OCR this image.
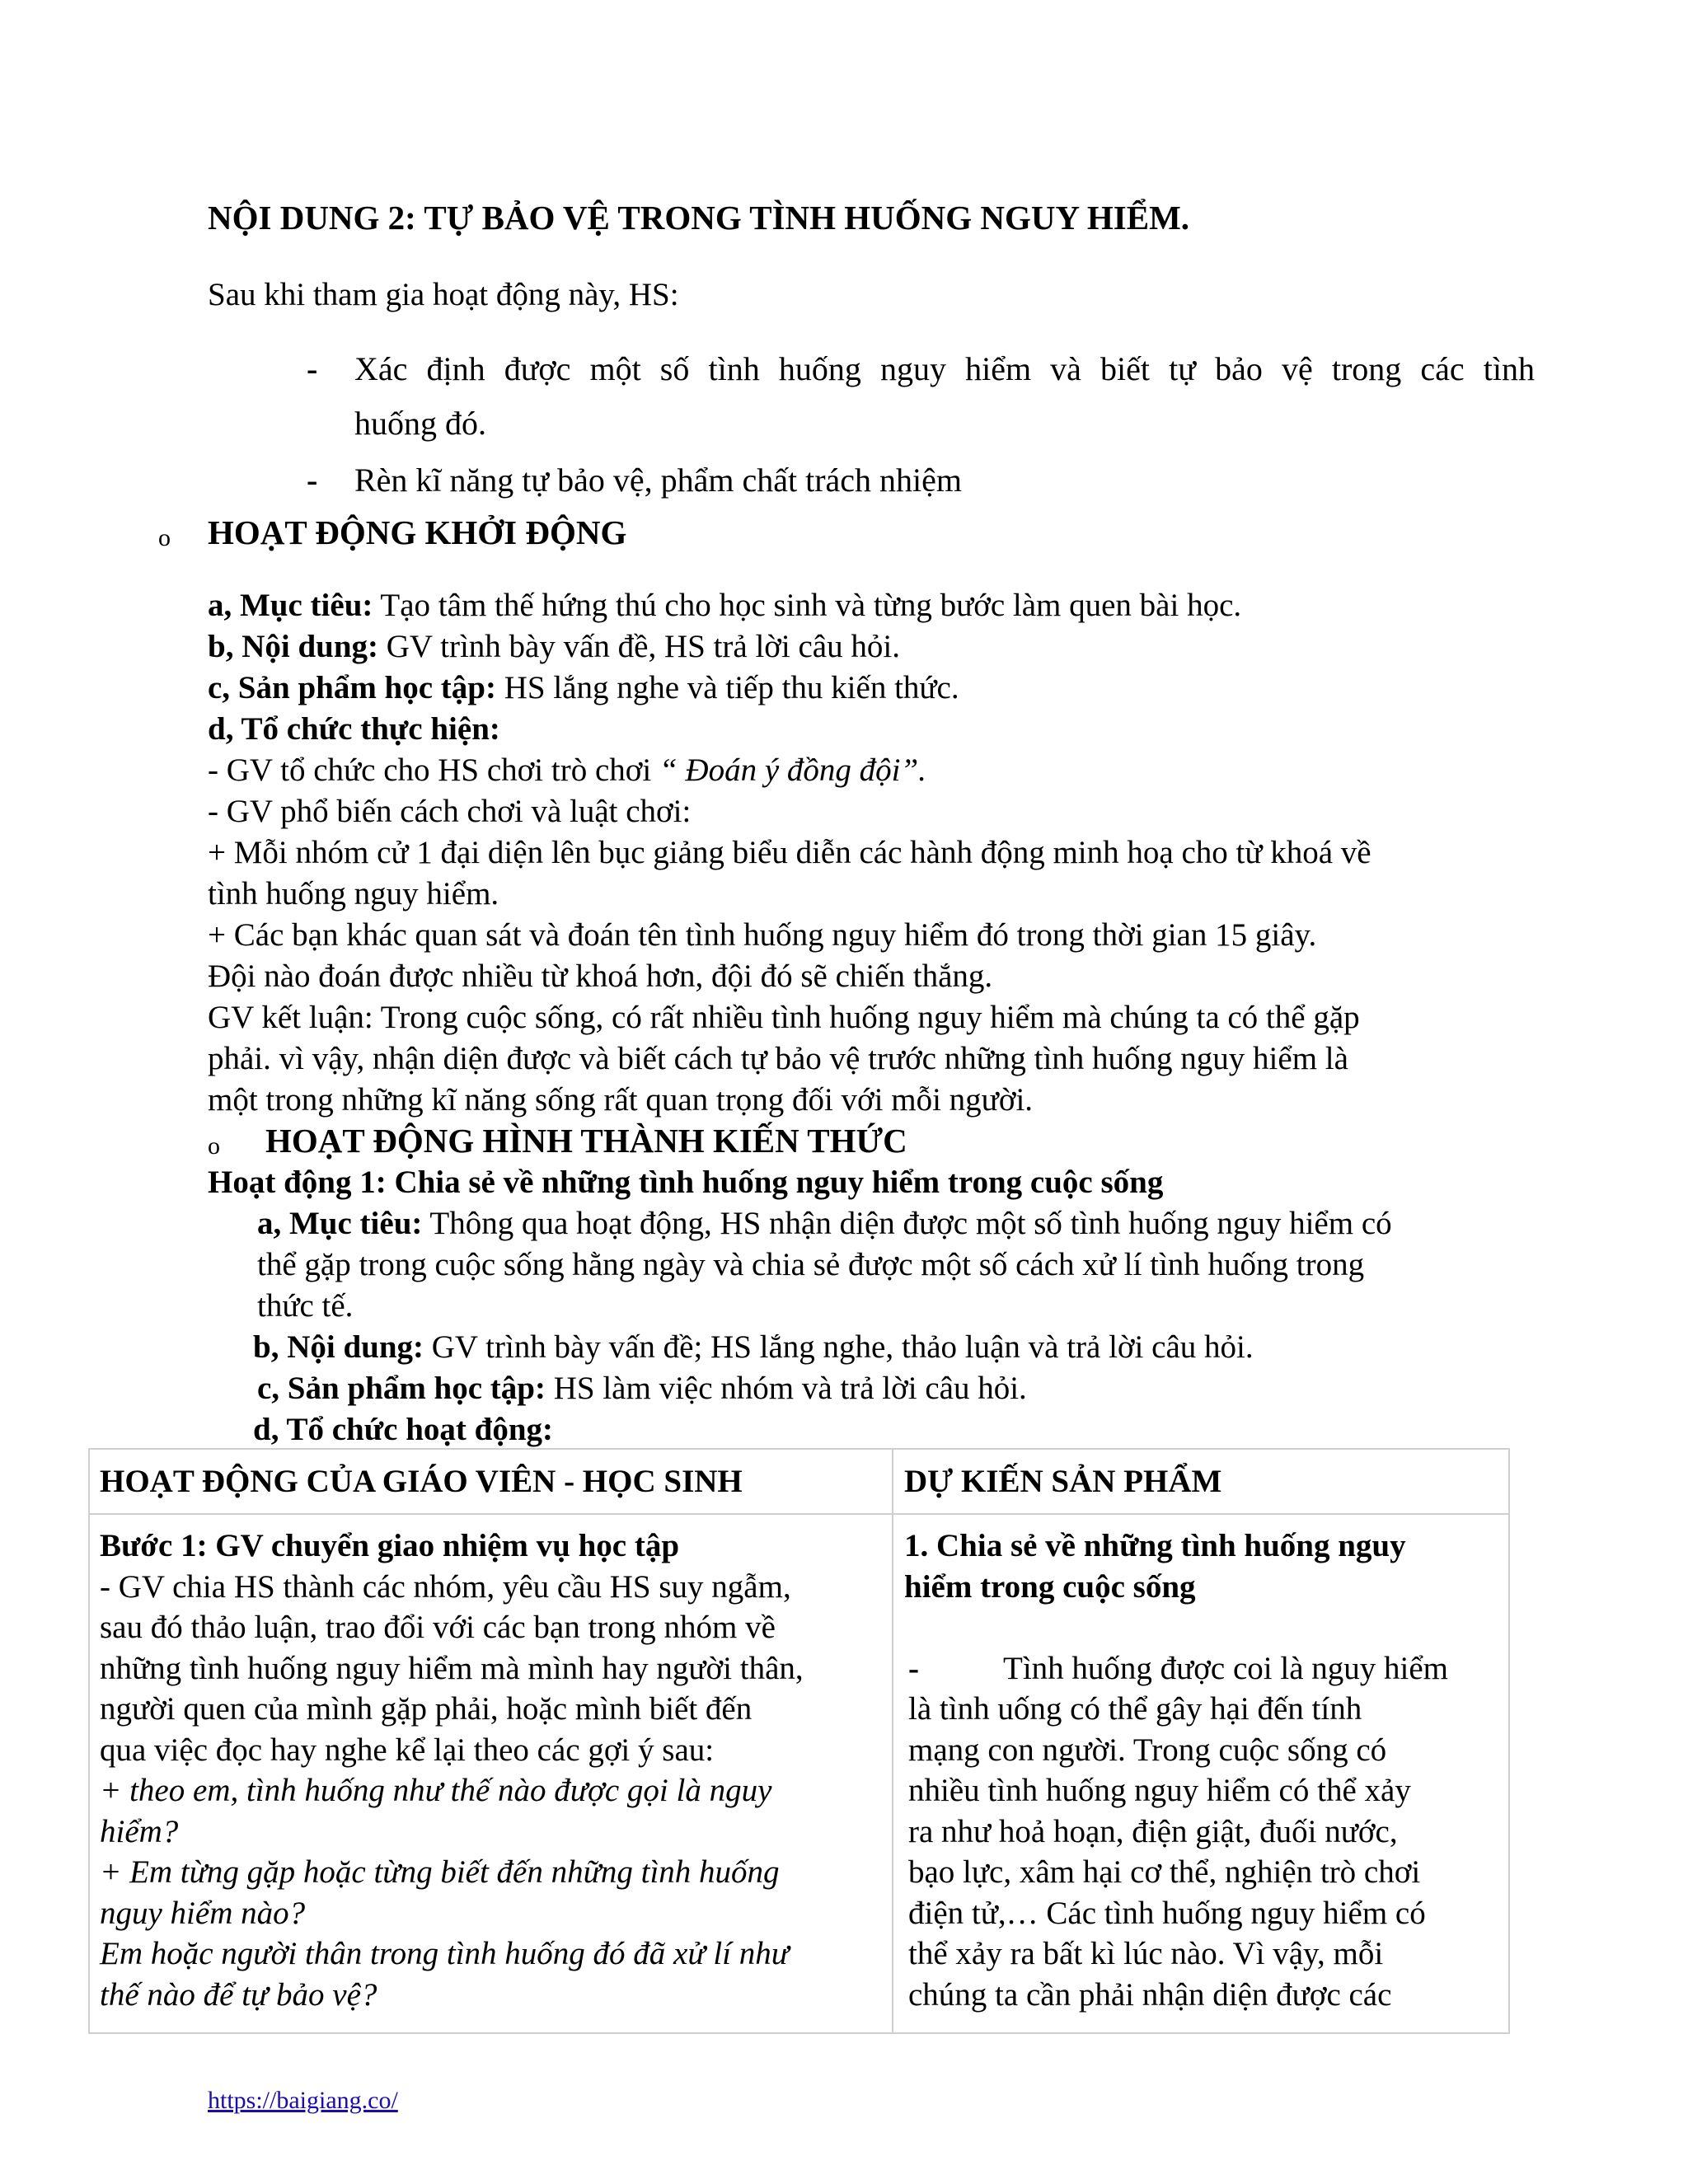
NỘI DUNG 2: TỰ BẢO VỆ TRONG TÌNH HUỐNG NGUY HIỂM.
Sau khi tham gia hoạt động này, HS:
- Xác định được một số tình huống nguy hiểm và biết tự bảo vệ trong các tình
huống đó.
- Rèn kĩ năng tự bảo vệ, phẩm chất trách nhiệm
o HOẠT ĐỘNG KHỞI ĐỘNG
a, Mục tiêu: Tạo tâm thế hứng thú cho học sinh và từng bước làm quen bài học.
b, Nội dung: GV trình bày vấn đề, HS trả lời câu hỏi.
c, Sản phẩm học tập: HS lắng nghe và tiếp thu kiến thức.
d, Tổ chức thực hiện:
- GV tổ chức cho HS chơi trò chơi “ Đoán ý đồng đội”.
- GV phổ biến cách chơi và luật chơi:
+ Mỗi nhóm cử 1 đại diện lên bục giảng biểu diễn các hành động minh hoạ cho từ khoá về
tình huống nguy hiểm.
+ Các bạn khác quan sát và đoán tên tình huống nguy hiểm đó trong thời gian 15 giây.
Đội nào đoán được nhiều từ khoá hơn, đội đó sẽ chiến thắng.
GV kết luận: Trong cuộc sống, có rất nhiều tình huống nguy hiểm mà chúng ta có thể gặp
phải. vì vậy, nhận diện được và biết cách tự bảo vệ trước những tình huống nguy hiểm là
một trong những kĩ năng sống rất quan trọng đối với mỗi người.
o HOẠT ĐỘNG HÌNH THÀNH KIẾN THỨC
Hoạt động 1: Chia sẻ về những tình huống nguy hiểm trong cuộc sống
a, Mục tiêu: Thông qua hoạt động, HS nhận diện được một số tình huống nguy hiểm có
thể gặp trong cuộc sống hằng ngày và chia sẻ được một số cách xử lí tình huống trong
thức tế.
b, Nội dung: GV trình bày vấn đề; HS lắng nghe, thảo luận và trả lời câu hỏi.
c, Sản phẩm học tập: HS làm việc nhóm và trả lời câu hỏi.
d, Tổ chức hoạt động:
HOẠT ĐỘNG CỦA GIÁO VIÊN - HỌC SINH	DỰ KIẾN SẢN PHẨM
Bước 1: GV chuyển giao nhiệm vụ học tập
- GV chia HS thành các nhóm, yêu cầu HS suy ngẫm,
sau đó thảo luận, trao đổi với các bạn trong nhóm về
những tình huống nguy hiểm mà mình hay người thân,
người quen của mình gặp phải, hoặc mình biết đến
qua việc đọc hay nghe kể lại theo các gợi ý sau:
+ theo em, tình huống như thế nào được gọi là nguy
hiểm?
+ Em từng gặp hoặc từng biết đến những tình huống
nguy hiểm nào?
Em hoặc người thân trong tình huống đó đã xử lí như
thế nào để tự bảo vệ?
1. Chia sẻ về những tình huống nguy
hiểm trong cuộc sống
-	Tình huống được coi là nguy hiểm
là tình uống có thể gây hại đến tính
mạng con người. Trong cuộc sống có
nhiều tình huống nguy hiểm có thể xảy
ra như hoả hoạn, điện giật, đuối nước,
bạo lực, xâm hại cơ thể, nghiện trò chơi
điện tử,… Các tình huống nguy hiểm có
thể xảy ra bất kì lúc nào. Vì vậy, mỗi
chúng ta cần phải nhận diện được các
https://baigiang.co/
